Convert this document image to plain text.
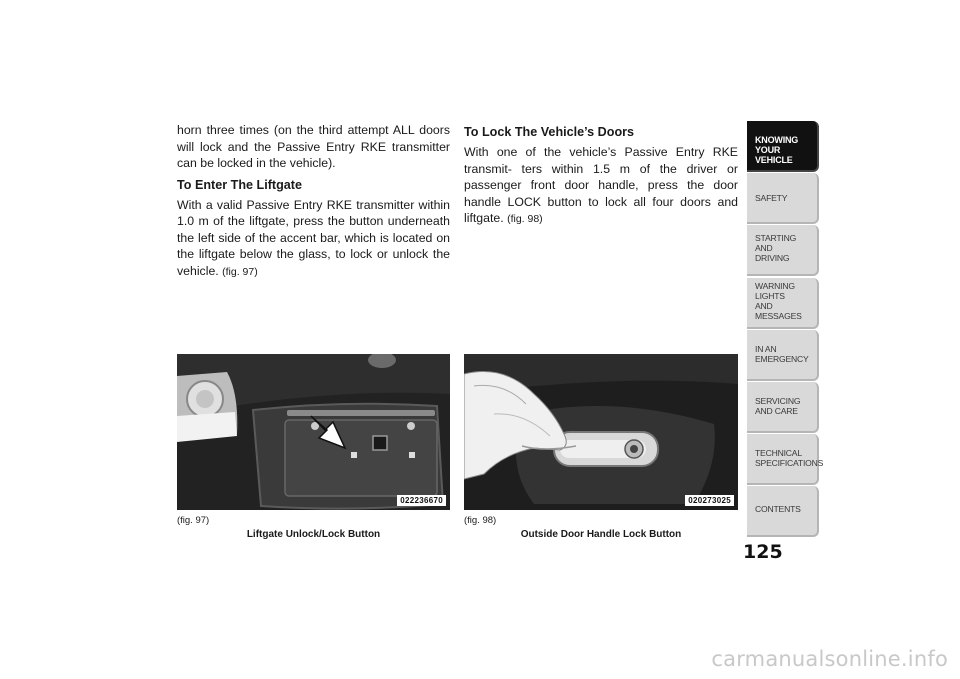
horn three times (on the third attempt ALL doors will lock and the Passive Entry RKE transmitter can be locked in the vehicle).

To Enter The Liftgate

With a valid Passive Entry RKE transmitter within 1.0 m of the liftgate, press the button underneath the left side of the accent bar, which is located on the liftgate below the glass, to lock or unlock the vehicle. (fig. 97)

To Lock The Vehicle’s Doors

With one of the vehicle’s Passive Entry RKE transmit- ters within 1.5 m of the driver or passenger front door handle, press the door handle LOCK button to lock all four doors and liftgate. (fig. 98)

022236670
(fig. 97)
Liftgate Unlock/Lock Button
020273025
(fig. 98)
Outside Door Handle Lock Button
KNOWING
YOUR
VEHICLE
SAFETY
STARTING
AND
DRIVING
WARNING
LIGHTS
AND
MESSAGES
IN AN
EMERGENCY
SERVICING
AND CARE
TECHNICAL
SPECIFICATIONS
CONTENTS
125
carmanualsonline.info
